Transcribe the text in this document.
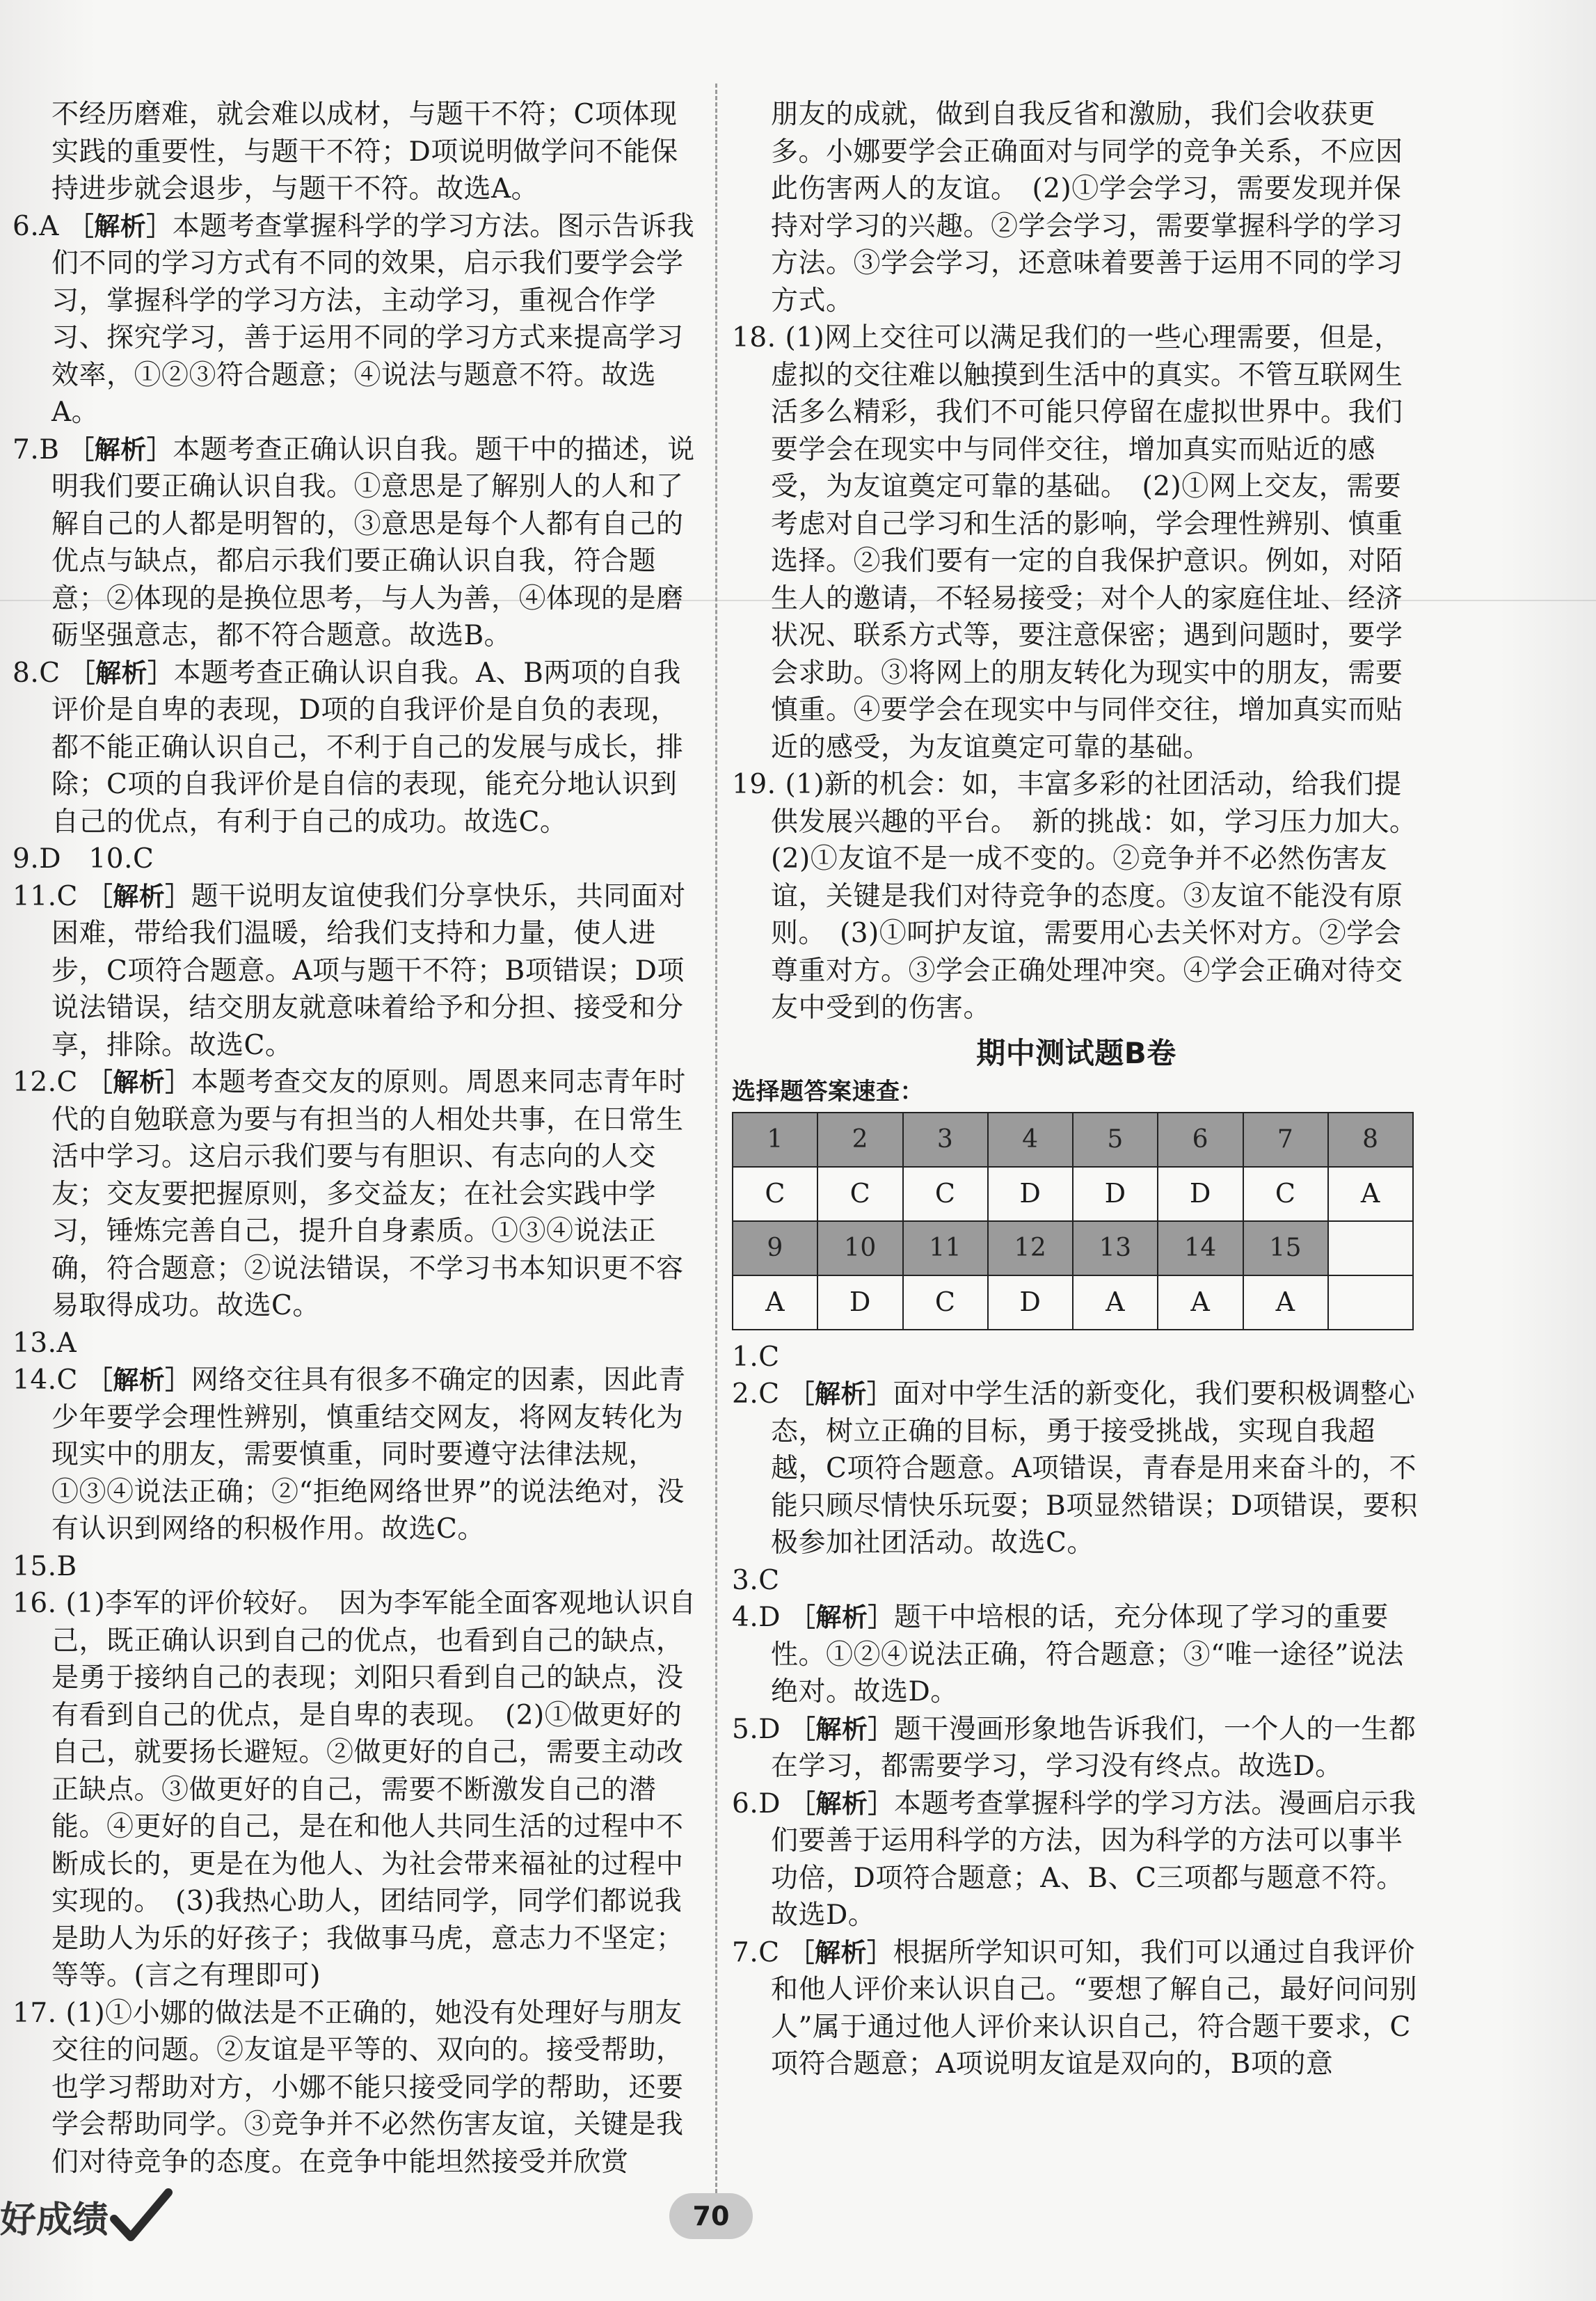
不经历磨难，就会难以成材，与题干不符；C项体现实践的重要性，与题干不符；D项说明做学问不能保持进步就会退步，与题干不符。故选A。

6.A ［解析］本题考查掌握科学的学习方法。图示告诉我们不同的学习方式有不同的效果，启示我们要学会学习，掌握科学的学习方法，主动学习，重视合作学习、探究学习，善于运用不同的学习方式来提高学习效率，①②③符合题意；④说法与题意不符。故选A。

7.B ［解析］本题考查正确认识自我。题干中的描述，说明我们要正确认识自我。①意思是了解别人的人和了解自己的人都是明智的，③意思是每个人都有自己的优点与缺点，都启示我们要正确认识自我，符合题意；②体现的是换位思考，与人为善，④体现的是磨砺坚强意志，都不符合题意。故选B。

8.C ［解析］本题考查正确认识自我。A、B两项的自我评价是自卑的表现，D项的自我评价是自负的表现，都不能正确认识自己，不利于自己的发展与成长，排除；C项的自我评价是自信的表现，能充分地认识到自己的优点，有利于自己的成功。故选C。

9.D　10.C

11.C ［解析］题干说明友谊使我们分享快乐，共同面对困难，带给我们温暖，给我们支持和力量，使人进步，C项符合题意。A项与题干不符；B项错误；D项说法错误，结交朋友就意味着给予和分担、接受和分享，排除。故选C。

12.C ［解析］本题考查交友的原则。周恩来同志青年时代的自勉联意为要与有担当的人相处共事，在日常生活中学习。这启示我们要与有胆识、有志向的人交友；交友要把握原则，多交益友；在社会实践中学习，锤炼完善自己，提升自身素质。①③④说法正确，符合题意；②说法错误，不学习书本知识更不容易取得成功。故选C。

13.A

14.C ［解析］网络交往具有很多不确定的因素，因此青少年要学会理性辨别，慎重结交网友，将网友转化为现实中的朋友，需要慎重，同时要遵守法律法规，①③④说法正确；②“拒绝网络世界”的说法绝对，没有认识到网络的积极作用。故选C。

15.B

16. (1)李军的评价较好。　因为李军能全面客观地认识自己，既正确认识到自己的优点，也看到自己的缺点，是勇于接纳自己的表现；刘阳只看到自己的缺点，没有看到自己的优点，是自卑的表现。　(2)①做更好的自己，就要扬长避短。②做更好的自己，需要主动改正缺点。③做更好的自己，需要不断激发自己的潜能。④更好的自己，是在和他人共同生活的过程中不断成长的，更是在为他人、为社会带来福祉的过程中实现的。　(3)我热心助人，团结同学，同学们都说我是助人为乐的好孩子；我做事马虎，意志力不坚定；等等。(言之有理即可)

17. (1)①小娜的做法是不正确的，她没有处理好与朋友交往的问题。②友谊是平等的、双向的。接受帮助，也学习帮助对方，小娜不能只接受同学的帮助，还要学会帮助同学。③竞争并不必然伤害友谊，关键是我们对待竞争的态度。在竞争中能坦然接受并欣赏

朋友的成就，做到自我反省和激励，我们会收获更多。小娜要学会正确面对与同学的竞争关系，不应因此伤害两人的友谊。　(2)①学会学习，需要发现并保持对学习的兴趣。②学会学习，需要掌握科学的学习方法。③学会学习，还意味着要善于运用不同的学习方式。

18. (1)网上交往可以满足我们的一些心理需要，但是，虚拟的交往难以触摸到生活中的真实。不管互联网生活多么精彩，我们不可能只停留在虚拟世界中。我们要学会在现实中与同伴交往，增加真实而贴近的感受，为友谊奠定可靠的基础。　(2)①网上交友，需要考虑对自己学习和生活的影响，学会理性辨别、慎重选择。②我们要有一定的自我保护意识。例如，对陌生人的邀请，不轻易接受；对个人的家庭住址、经济状况、联系方式等，要注意保密；遇到问题时，要学会求助。③将网上的朋友转化为现实中的朋友，需要慎重。④要学会在现实中与同伴交往，增加真实而贴近的感受，为友谊奠定可靠的基础。

19. (1)新的机会：如，丰富多彩的社团活动，给我们提供发展兴趣的平台。　新的挑战：如，学习压力加大。　(2)①友谊不是一成不变的。②竞争并不必然伤害友谊，关键是我们对待竞争的态度。③友谊不能没有原则。　(3)①呵护友谊，需要用心去关怀对方。②学会尊重对方。③学会正确处理冲突。④学会正确对待交友中受到的伤害。

期中测试题B卷
选择题答案速查：
1	2	3	4	5	6	7	8
C	C	C	D	D	D	C	A
9	10	11	12	13	14	15	
A	D	C	D	A	A	A	

1.C

2.C ［解析］面对中学生活的新变化，我们要积极调整心态，树立正确的目标，勇于接受挑战，实现自我超越，C项符合题意。A项错误，青春是用来奋斗的，不能只顾尽情快乐玩耍；B项显然错误；D项错误，要积极参加社团活动。故选C。

3.C

4.D ［解析］题干中培根的话，充分体现了学习的重要性。①②④说法正确，符合题意；③“唯一途径”说法绝对。故选D。

5.D ［解析］题干漫画形象地告诉我们，一个人的一生都在学习，都需要学习，学习没有终点。故选D。

6.D ［解析］本题考查掌握科学的学习方法。漫画启示我们要善于运用科学的方法，因为科学的方法可以事半功倍，D项符合题意；A、B、C三项都与题意不符。故选D。

7.C ［解析］根据所学知识可知，我们可以通过自我评价和他人评价来认识自己。“要想了解自己，最好问问别人”属于通过他人评价来认识自己，符合题干要求，C项符合题意；A项说明友谊是双向的，B项的意

好成绩	70
